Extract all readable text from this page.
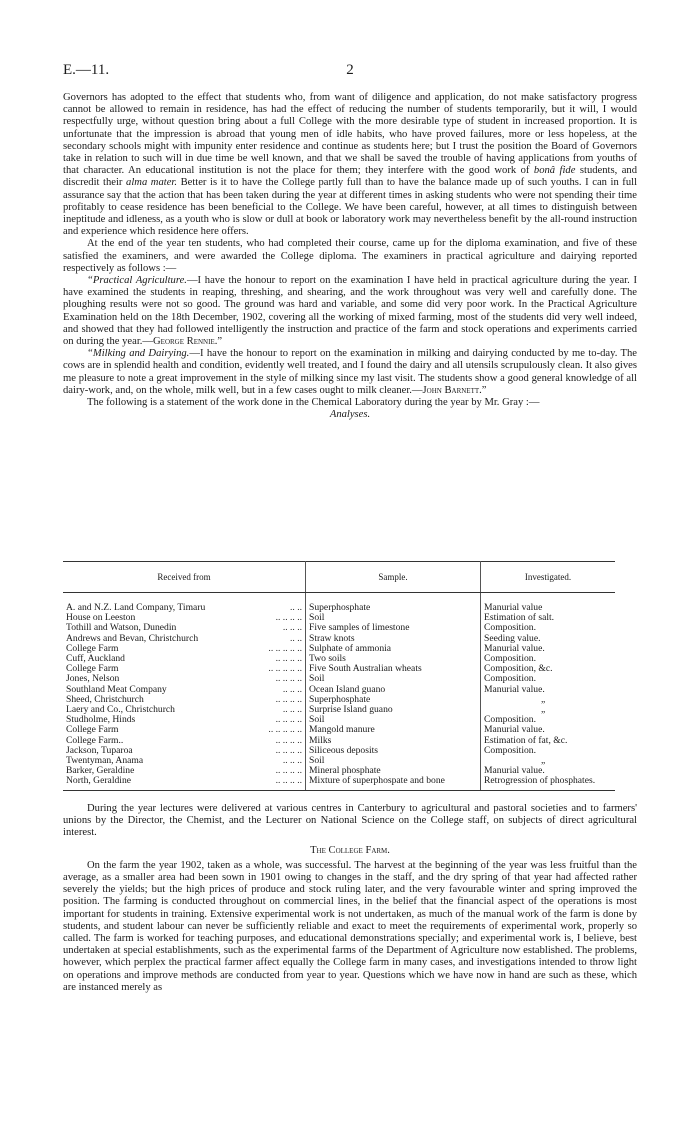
E.—11.	2

Governors has adopted to the effect that students who, from want of diligence and application, do not make satisfactory progress cannot be allowed to remain in residence, has had the effect of reducing the number of students temporarily, but it will, I would respectfully urge, without question bring about a full College with the more desirable type of student in increased proportion. It is unfortunate that the impression is abroad that young men of idle habits, who have proved failures, more or less hopeless, at the secondary schools might with impunity enter residence and continue as students here; but I trust the position the Board of Governors take in relation to such will in due time be well known, and that we shall be saved the trouble of having applications from youths of that character. An educational institution is not the place for them; they interfere with the good work of bonâ fide students, and discredit their alma mater. Better is it to have the College partly full than to have the balance made up of such youths. I can in full assurance say that the action that has been taken during the year at different times in asking students who were not spending their time profitably to cease residence has been beneficial to the College. We have been careful, however, at all times to distinguish between ineptitude and idleness, as a youth who is slow or dull at book or laboratory work may nevertheless benefit by the all-round instruction and experience which residence here offers.

At the end of the year ten students, who had completed their course, came up for the diploma examination, and five of these satisfied the examiners, and were awarded the College diploma. The examiners in practical agriculture and dairying reported respectively as follows :—

“Practical Agriculture.—I have the honour to report on the examination I have held in practical agriculture during the year. I have examined the students in reaping, threshing, and shearing, and the work throughout was very well and carefully done. The ploughing results were not so good. The ground was hard and variable, and some did very poor work. In the Practical Agriculture Examination held on the 18th December, 1902, covering all the working of mixed farming, most of the students did very well indeed, and showed that they had followed intelligently the instruction and practice of the farm and stock operations and experiments carried on during the year.—George Rennie.”

“Milking and Dairying.—I have the honour to report on the examination in milking and dairying conducted by me to-day. The cows are in splendid health and condition, evidently well treated, and I found the dairy and all utensils scrupulously clean. It also gives me pleasure to note a great improvement in the style of milking since my last visit. The students show a good general knowledge of all dairy-work, and, on the whole, milk well, but in a few cases ought to milk cleaner.—John Barnett.”

The following is a statement of the work done in the Chemical Laboratory during the year by Mr. Gray :—

Analyses.

Received from	Sample.	Investigated.

A. and N.Z. Land Company, Timaru .. ..	Superphosphate	Manurial value
House on Leeston .. .. .. ..	Soil	Estimation of salt.
Tothill and Watson, Dunedin .. .. ..	Five samples of limestone	Composition.
Andrews and Bevan, Christchurch .. ..	Straw knots	Seeding value.
College Farm .. .. .. .. ..	Sulphate of ammonia	Manurial value.
Cuff, Auckland .. .. .. ..	Two soils	Composition.
College Farm .. .. .. .. ..	Five South Australian wheats	Composition, &c.
Jones, Nelson .. .. .. ..	Soil	Composition.
Southland Meat Company .. .. ..	Ocean Island guano	Manurial value.
Sheed, Christchurch .. .. .. ..	Superphosphate	„
Laery and Co., Christchurch .. .. ..	Surprise Island guano	„
Studholme, Hinds .. .. .. ..	Soil	Composition.
College Farm .. .. .. .. ..	Mangold manure	Manurial value.
College Farm.. .. .. .. ..	Milks	Estimation of fat, &c.
Jackson, Tuparoa .. .. .. ..	Siliceous deposits	Composition.
Twentyman, Anama .. .. ..	Soil	„
Barker, Geraldine .. .. .. ..	Mineral phosphate	Manurial value.
North, Geraldine .. .. .. ..	Mixture of superphospate and bone	Retrogression of phosphates.

During the year lectures were delivered at various centres in Canterbury to agricultural and pastoral societies and to farmers' unions by the Director, the Chemist, and the Lecturer on National Science on the College staff, on subjects of direct agricultural interest.

The College Farm.

On the farm the year 1902, taken as a whole, was successful. The harvest at the beginning of the year was less fruitful than the average, as a smaller area had been sown in 1901 owing to changes in the staff, and the dry spring of that year had affected rather severely the yields; but the high prices of produce and stock ruling later, and the very favourable winter and spring improved the position. The farming is conducted throughout on commercial lines, in the belief that the financial aspect of the operations is most important for students in training. Extensive experimental work is not undertaken, as much of the manual work of the farm is done by students, and student labour can never be sufficiently reliable and exact to meet the requirements of experimental work, properly so called. The farm is worked for teaching purposes, and educational demonstrations specially; and experimental work is, I believe, best undertaken at special establishments, such as the experimental farms of the Department of Agriculture now established. The problems, however, which perplex the practical farmer affect equally the College farm in many cases, and investigations intended to throw light on operations and improve methods are conducted from year to year. Questions which we have now in hand are such as these, which are instanced merely as
